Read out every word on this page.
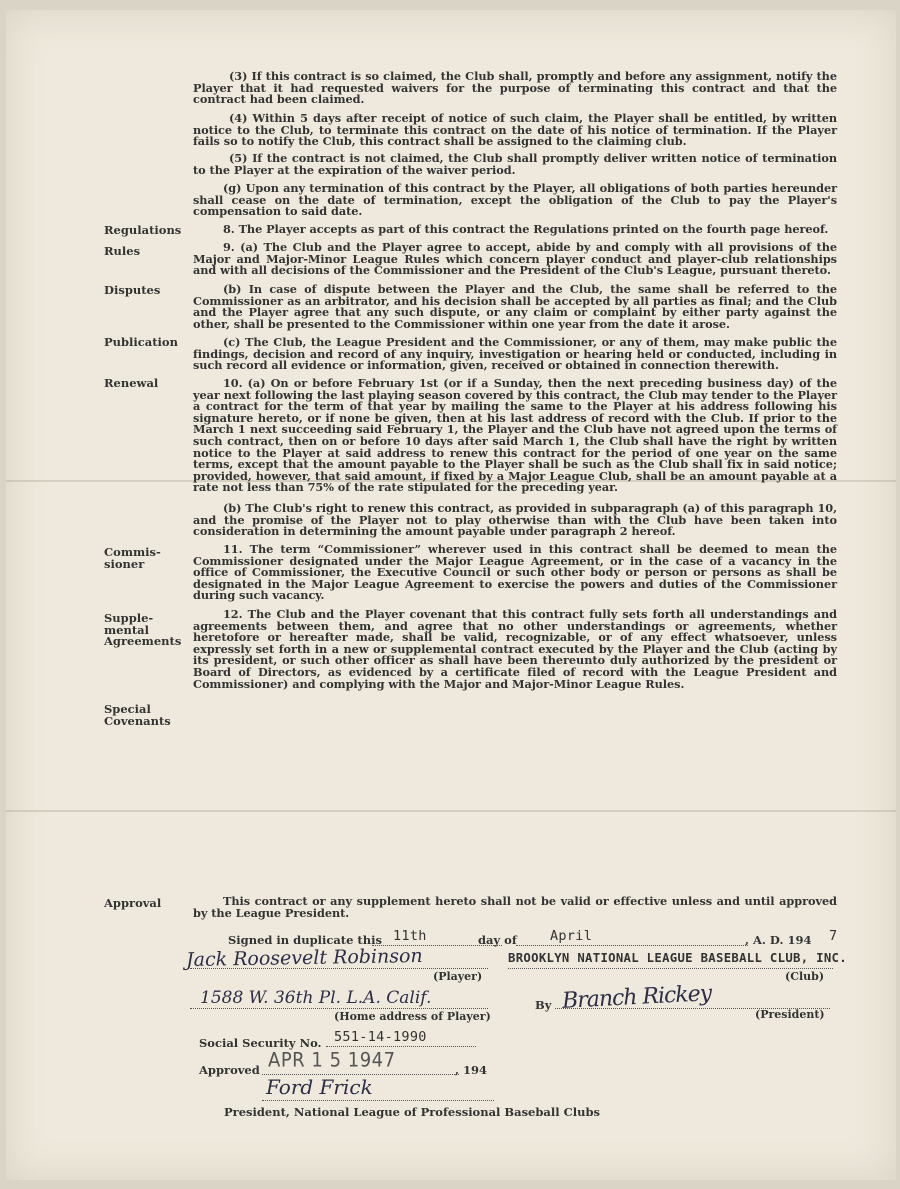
(3) If this contract is so claimed, the Club shall, promptly and before any assignment, notify the Player that it had requested waivers for the purpose of terminating this contract and that the contract had been claimed.
(4) Within 5 days after receipt of notice of such claim, the Player shall be entitled, by written notice to the Club, to terminate this contract on the date of his notice of termination. If the Player fails so to notify the Club, this contract shall be assigned to the claiming club.
(5) If the contract is not claimed, the Club shall promptly deliver written notice of termination to the Player at the expiration of the waiver period.
(g) Upon any termination of this contract by the Player, all obligations of both parties hereunder shall cease on the date of termination, except the obligation of the Club to pay the Player's compensation to said date.
8. The Player accepts as part of this contract the Regulations printed on the fourth page hereof.
9. (a) The Club and the Player agree to accept, abide by and comply with all provisions of the Major and Major-Minor League Rules which concern player conduct and player-club relationships and with all decisions of the Commissioner and the President of the Club's League, pursuant thereto.
(b) In case of dispute between the Player and the Club, the same shall be referred to the Commissioner as an arbitrator, and his decision shall be accepted by all parties as final; and the Club and the Player agree that any such dispute, or any claim or complaint by either party against the other, shall be presented to the Commissioner within one year from the date it arose.
(c) The Club, the League President and the Commissioner, or any of them, may make public the findings, decision and record of any inquiry, investigation or hearing held or conducted, including in such record all evidence or information, given, received or obtained in connection therewith.
10. (a) On or before February 1st (or if a Sunday, then the next preceding business day) of the year next following the last playing season covered by this contract, the Club may tender to the Player a contract for the term of that year by mailing the same to the Player at his address following his signature hereto, or if none be given, then at his last address of record with the Club. If prior to the March 1 next succeeding said February 1, the Player and the Club have not agreed upon the terms of such contract, then on or before 10 days after said March 1, the Club shall have the right by written notice to the Player at said address to renew this contract for the period of one year on the same terms, except that the amount payable to the Player shall be such as the Club shall fix in said notice; provided, however, that said amount, if fixed by a Major League Club, shall be an amount payable at a rate not less than 75% of the rate stipulated for the preceding year.
(b) The Club's right to renew this contract, as provided in subparagraph (a) of this paragraph 10, and the promise of the Player not to play otherwise than with the Club have been taken into consideration in determining the amount payable under paragraph 2 hereof.
11. The term “Commissioner” wherever used in this contract shall be deemed to mean the Commissioner designated under the Major League Agreement, or in the case of a vacancy in the office of Commissioner, the Executive Council or such other body or person or persons as shall be designated in the Major League Agreement to exercise the powers and duties of the Commissioner during such vacancy.
12. The Club and the Player covenant that this contract fully sets forth all understandings and agreements between them, and agree that no other understandings or agreements, whether heretofore or hereafter made, shall be valid, recognizable, or of any effect whatsoever, unless expressly set forth in a new or supplemental contract executed by the Player and the Club (acting by its president, or such other officer as shall have been thereunto duly authorized by the president or Board of Directors, as evidenced by a certificate filed of record with the League President and Commissioner) and complying with the Major and Major-Minor League Rules.
This contract or any supplement hereto shall not be valid or effective unless and until approved by the League President.
Regulations
Rules
Disputes
Publication
Renewal
Commis-
sioner
Supple-
mental
Agreements
Special
Covenants
Approval
Signed in duplicate this 11th	day of April	, A. D. 194 7
Jack Roosevelt Robinson
(Player)
1588 W. 36th Pl. L.A. Calif.
(Home address of Player)
BROOKLYN NATIONAL LEAGUE BASEBALL CLUB, INC.
(Club)
By Branch Rickey
(President)
Social Security No. 551-14-1990
Approved APR 1 5 1947	, 194
Ford Frick
President, National League of Professional Baseball Clubs
